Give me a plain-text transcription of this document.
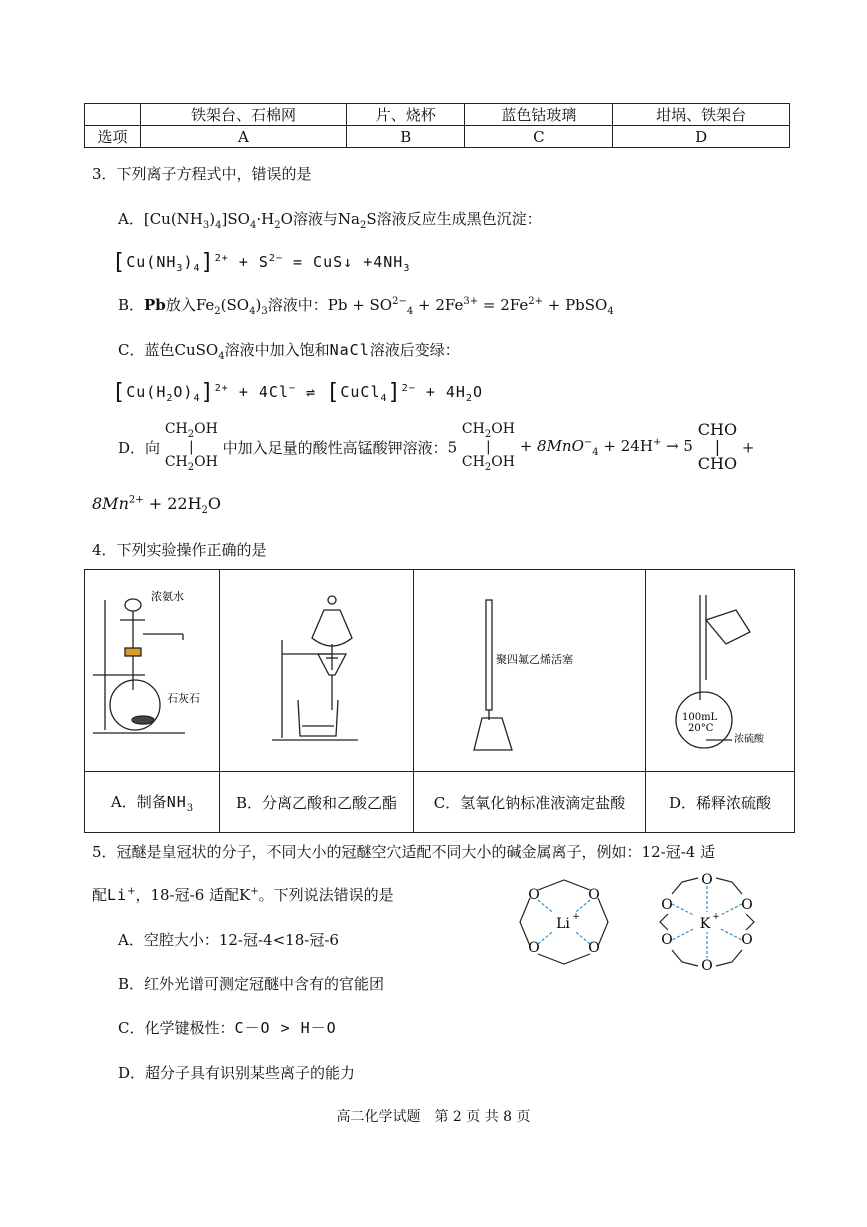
	铁架台、石棉网	片、烧杯	蓝色钴玻璃	坩埚、铁架台
选项	A	B	C	D
3．下列离子方程式中，错误的是
A．$[Cu(NH_3)_4]SO_4\cdot H_2O$溶液与$Na_2S$溶液反应生成黑色沉淀：
$[Cu(NH_3)_4]^{2+} + S^{2-}$ = CuS↓ $+4NH_3$
B．Pb放入$Fe_2(SO_4)_3$溶液中：$Pb + SO^{2-}_4 + 2Fe^{3+} = 2Fe^{2+}$ + PbSO$_4$
C．蓝色CuSO$_4$溶液中加入饱和NaCl溶液后变绿：
$[Cu(H_2O)_4]^{2+} + 4Cl^-$ ⇌ [CuCl$_4$]$^{2-}$ + $4H_2O$
D．向 $CH_2OH$
|
$CH_2OH$ 中加入足量的酸性高锰酸钾溶液：5 $CH_2OH$
|
$CH_2OH + 8MnO^-_4 + 24H^+ \to 5$ CHO
|
CHO +
$8Mn^{2+} + 22H_2O$
4．下列实验操作正确的是
浓氨水
石灰石		聚四氟乙烯活塞	100mL
20°C
浓硫酸

A．制备$NH_3$	B．分离乙酸和乙酸乙酯	C．氢氧化钠标准液滴定盐酸	D．稀释浓硫酸
5．冠醚是皇冠状的分子，不同大小的冠醚空穴适配不同大小的碱金属离子，例如：12-冠-4 适
配Li+，18-冠-6 适配K+。下列说法错误的是	O	O
O	O
Li +
O
O	O
O	O
O
K +
A．空腔大小：12-冠-4<18-冠-6
B．红外光谱可测定冠醚中含有的官能团
C．化学键极性：C－O > H－O
D．超分子具有识别某些离子的能力
高二化学试题　第 2 页 共 8 页
